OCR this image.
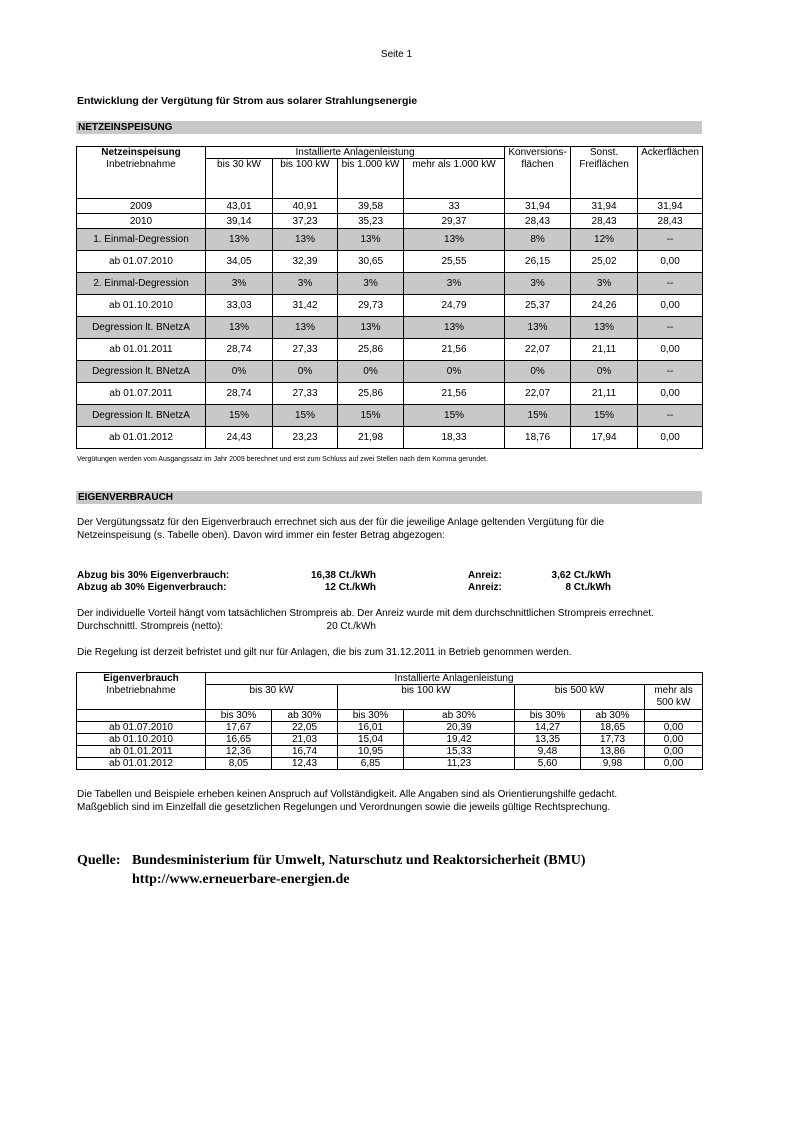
Seite 1
Entwicklung der Vergütung für Strom aus solarer Strahlungsenergie
NETZEINSPEISUNG
Netzeinspeisung	Installierte Anlagenleistung				Konversions-	Sonst.	Ackerflächen
Inbetriebnahme	bis 30 kW	bis 100 kW	bis 1.000 kW	mehr als 1.000 kW	flächen	Freiflächen	

2009	43,01	40,91	39,58	33	31,94	31,94	31,94
2010	39,14	37,23	35,23	29,37	28,43	28,43	28,43
1. Einmal-Degression	13%	13%	13%	13%	8%	12%	--
ab 01.07.2010	34,05	32,39	30,65	25,55	26,15	25,02	0,00
2. Einmal-Degression	3%	3%	3%	3%	3%	3%	--
ab 01.10.2010	33,03	31,42	29,73	24,79	25,37	24,26	0,00
Degression lt. BNetzA	13%	13%	13%	13%	13%	13%	--
ab 01.01.2011	28,74	27,33	25,86	21,56	22,07	21,11	0,00
Degression lt. BNetzA	0%	0%	0%	0%	0%	0%	--
ab 01.07.2011	28,74	27,33	25,86	21,56	22,07	21,11	0,00
Degression lt. BNetzA	15%	15%	15%	15%	15%	15%	--
ab 01.01.2012	24,43	23,23	21,98	18,33	18,76	17,94	0,00
Vergütungen werden vom Ausgangssatz im Jahr 2009 berechnet und erst zum Schluss auf zwei Stellen nach dem Komma gerundet.
EIGENVERBRAUCH
Der Vergütungssatz für den Eigenverbrauch errechnet sich aus der für die jeweilige Anlage geltenden Vergütung für die
Netzeinspeisung (s. Tabelle oben). Davon wird immer ein fester Betrag abgezogen:
Abzug bis 30% Eigenverbrauch:	16,38 Ct./kWh	Anreiz:	3,62 Ct./kWh
Abzug ab 30% Eigenverbrauch:	12 Ct./kWh	Anreiz:	8 Ct./kWh
Der individuelle Vorteil hängt vom tatsächlichen Strompreis ab. Der Anreiz wurde mit dem durchschnittlichen Strompreis errechnet.
Durchschnittl. Strompreis (netto):	20 Ct./kWh
Die Regelung ist derzeit befristet und gilt nur für Anlagen, die bis zum 31.12.2011 in Betrieb genommen werden.
Eigenverbrauch	Installierte Anlagenleistung						
Inbetriebnahme	bis 30 kW		bis 100 kW		bis 500 kW		mehr als
							500 kW
	bis 30%	ab 30%	bis 30%	ab 30%	bis 30%	ab 30%	
ab 01.07.2010	17,67	22,05	16,01	20,39	14,27	18,65	0,00
ab 01.10.2010	16,65	21,03	15,04	19,42	13,35	17,73	0,00
ab 01.01.2011	12,36	16,74	10,95	15,33	9,48	13,86	0,00
ab 01.01.2012	8,05	12,43	6,85	11,23	5,60	9,98	0,00
Die Tabellen und Beispiele erheben keinen Anspruch auf Vollständigkeit. Alle Angaben sind als Orientierungshilfe gedacht.
Maßgeblich sind im Einzelfall die gesetzlichen Regelungen und Verordnungen sowie die jeweils gültige Rechtsprechung.
Quelle: Bundesministerium für Umwelt, Naturschutz und Reaktorsicherheit (BMU)
http://www.erneuerbare-energien.de
